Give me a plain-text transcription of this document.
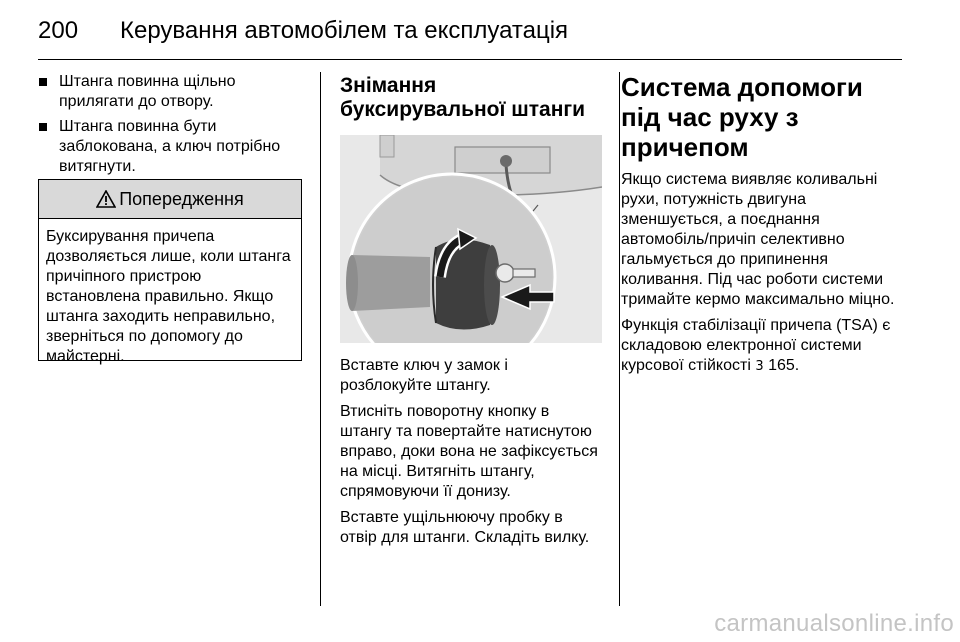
200 Керування автомобілем та експлуатація
Штанга повинна щільно прилягати до отвору.
Штанга повинна бути заблокована, а ключ потрібно витягнути.
Попередження
Буксирування причепа дозволяється лише, коли штанга причіпного пристрою встановлена правильно. Якщо штанга заходить неправильно, зверніться по допомогу до майстерні.
Знімання буксирувальної штанги

Вставте ключ у замок і розблокуйте штангу.

Втисніть поворотну кнопку в штангу та повертайте натиснутою вправо, доки вона не зафіксується на місці. Витягніть штангу, спрямовуючи її донизу.

Вставте ущільнюючу пробку в отвір для штанги. Складіть вилку.

Система допомоги під час руху з причепом

Якщо система виявляє коливальні рухи, потужність двигуна зменшується, а поєднання автомобіль/причіп селективно гальмується до припинення коливання. Під час роботи системи тримайте кермо максимально міцно.

Функція стабілізації причепа (TSA) є складовою електронної системи курсової стійкості 3 165.

carmanualsonline.info
